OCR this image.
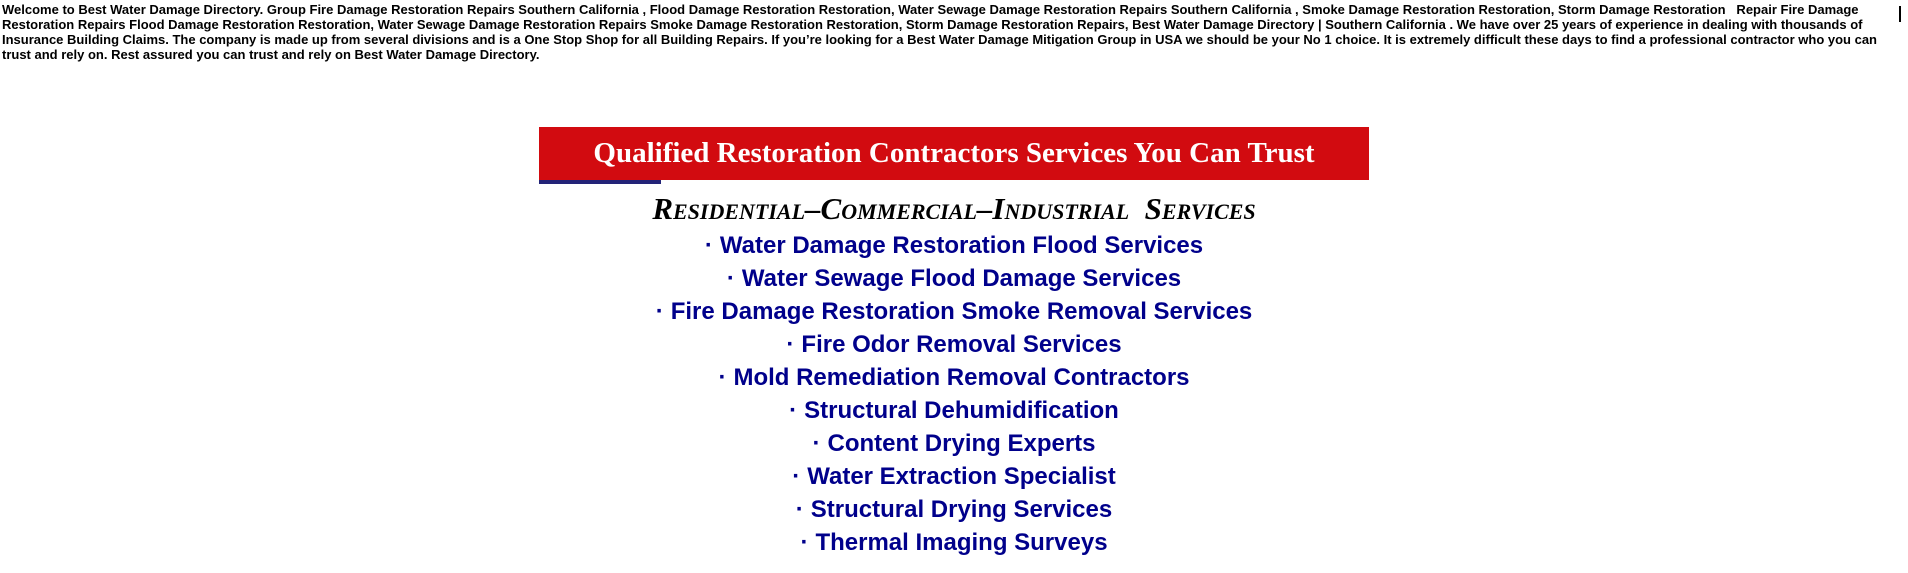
Welcome to Best Water Damage Directory. Group Fire Damage Restoration Repairs Southern California , Flood Damage Restoration Restoration, Water Sewage Damage Restoration Repairs Southern California , Smoke Damage Restoration Restoration, Storm Damage Restoration   Repair Fire Damage Restoration Repairs Flood Damage Restoration Restoration, Water Sewage Damage Restoration Repairs Smoke Damage Restoration Restoration, Storm Damage Restoration Repairs, Best Water Damage Directory | Southern California . We have over 25 years of experience in dealing with thousands of Insurance Building Claims. The company is made up from several divisions and is a One Stop Shop for all Building Repairs. If you’re looking for a Best Water Damage Mitigation Group in USA we should be your No 1 choice. It is extremely difficult these days to find a professional contractor who you can trust and rely on. Rest assured you can trust and rely on Best Water Damage Directory.
Qualified Restoration Contractors Services You Can Trust
Residential–Commercial–Industrial  Services
· Water Damage Restoration Flood Services
· Water Sewage Flood Damage Services
· Fire Damage Restoration Smoke Removal Services
· Fire Odor Removal Services
· Mold Remediation Removal Contractors
· Structural Dehumidification
· Content Drying Experts
· Water Extraction Specialist
· Structural Drying Services
· Thermal Imaging Surveys
